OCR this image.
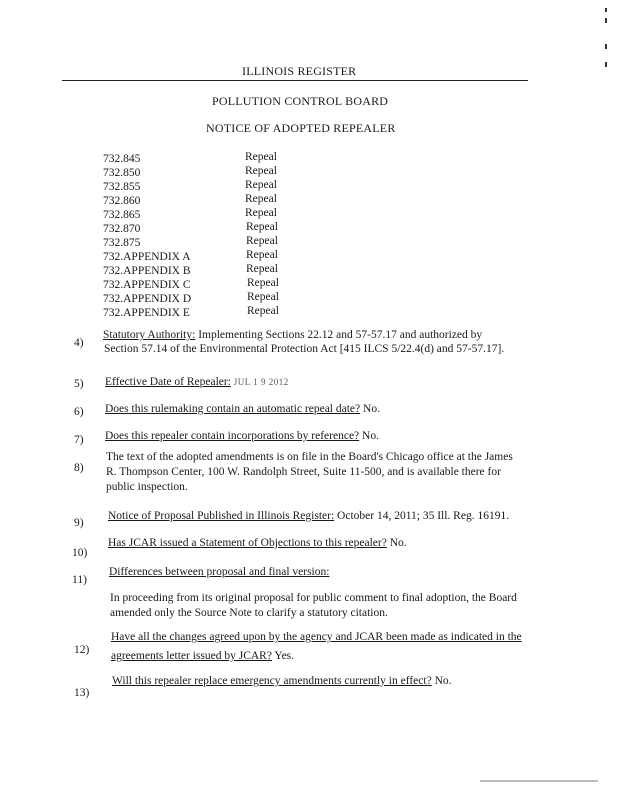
ILLINOIS REGISTER
POLLUTION CONTROL BOARD
NOTICE OF ADOPTED REPEALER
732.845	Repeal
732.850	Repeal
732.855	Repeal
732.860	Repeal
732.865	Repeal
732.870	Repeal
732.875	Repeal
732.APPENDIX A	Repeal
732.APPENDIX B	Repeal
732.APPENDIX C	Repeal
732.APPENDIX D	Repeal
732.APPENDIX E	Repeal
4)
Statutory Authority: Implementing Sections 22.12 and 57-57.17 and authorized by
Section 57.14 of the Environmental Protection Act [415 ILCS 5/22.4(d) and 57-57.17].
5) Effective Date of Repealer: JUL 1 9 2012
6) Does this rulemaking contain an automatic repeal date? No.
7) Does this repealer contain incorporations by reference? No.
8)
The text of the adopted amendments is on file in the Board's Chicago office at the James
R. Thompson Center, 100 W. Randolph Street, Suite 11-500, and is available there for
public inspection.
9)
Notice of Proposal Published in Illinois Register: October 14, 2011; 35 Ill. Reg. 16191.
10)
Has JCAR issued a Statement of Objections to this repealer? No.
11)
Differences between proposal and final version:
In proceeding from its original proposal for public comment to final adoption, the Board
amended only the Source Note to clarify a statutory citation.
12)
Have all the changes agreed upon by the agency and JCAR been made as indicated in the
agreements letter issued by JCAR? Yes.
13)
Will this repealer replace emergency amendments currently in effect? No.
